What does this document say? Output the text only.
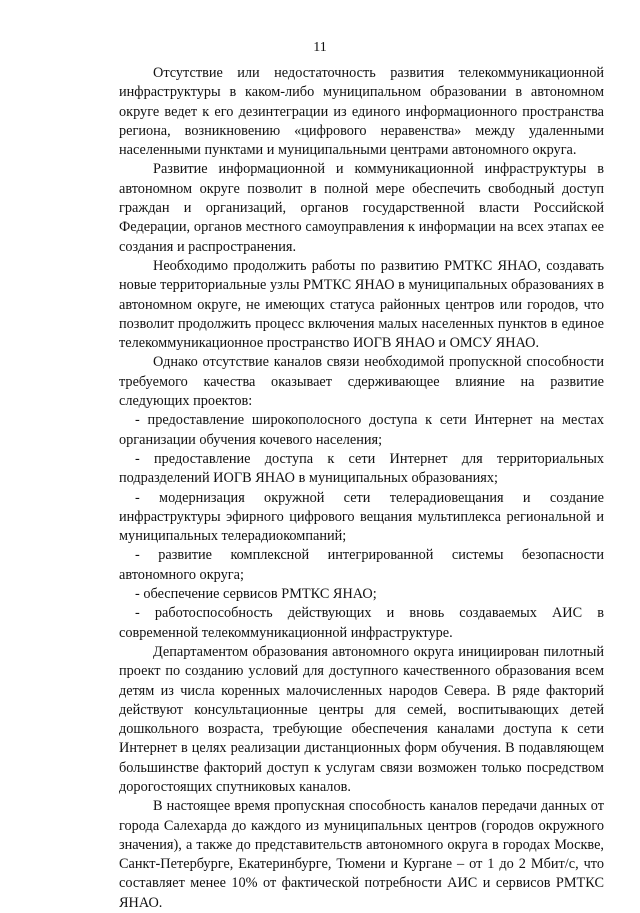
11

Отсутствие или недостаточность развития телекоммуникационной инфраструктуры в каком-либо муниципальном образовании в автономном округе ведет к его дезинтеграции из единого информационного пространства региона, возникновению «цифрового неравенства» между удаленными населенными пунктами и муниципальными центрами автономного округа.

Развитие информационной и коммуникационной инфраструктуры в автономном округе позволит в полной мере обеспечить свободный доступ граждан и организаций, органов государственной власти Российской Федерации, органов местного самоуправления к информации на всех этапах ее создания и распространения.

Необходимо продолжить работы по развитию РМТКС ЯНАО, создавать новые территориальные узлы РМТКС ЯНАО в муниципальных образованиях в автономном округе, не имеющих статуса районных центров или городов, что позволит продолжить процесс включения малых населенных пунктов в единое телекоммуникационное пространство ИОГВ ЯНАО и ОМСУ ЯНАО.

Однако отсутствие каналов связи необходимой пропускной способности требуемого качества оказывает сдерживающее влияние на развитие следующих проектов:

- предоставление широкополосного доступа к сети Интернет на местах организации обучения кочевого населения;

- предоставление доступа к сети Интернет для территориальных подразделений ИОГВ ЯНАО в муниципальных образованиях;

- модернизация окружной сети телерадиовещания и создание инфраструктуры эфирного цифрового вещания мультиплекса региональной и муниципальных телерадиокомпаний;

- развитие комплексной интегрированной системы безопасности автономного округа;

- обеспечение сервисов РМТКС ЯНАО;

- работоспособность действующих и вновь создаваемых АИС в современной телекоммуникационной инфраструктуре.

Департаментом образования автономного округа инициирован пилотный проект по созданию условий для доступного качественного образования всем детям из числа коренных малочисленных народов Севера. В ряде факторий действуют консультационные центры для семей, воспитывающих детей дошкольного возраста, требующие обеспечения каналами доступа к сети Интернет в целях реализации дистанционных форм обучения. В подавляющем большинстве факторий доступ к услугам связи возможен только посредством дорогостоящих спутниковых каналов.

В настоящее время пропускная способность каналов передачи данных от города Салехарда до каждого из муниципальных центров (городов окружного значения), а также до представительств автономного округа в городах Москве, Санкт-Петербурге, Екатеринбурге, Тюмени и Кургане – от 1 до 2 Мбит/с, что составляет менее 10% от фактической потребности АИС и сервисов РМТКС ЯНАО.
